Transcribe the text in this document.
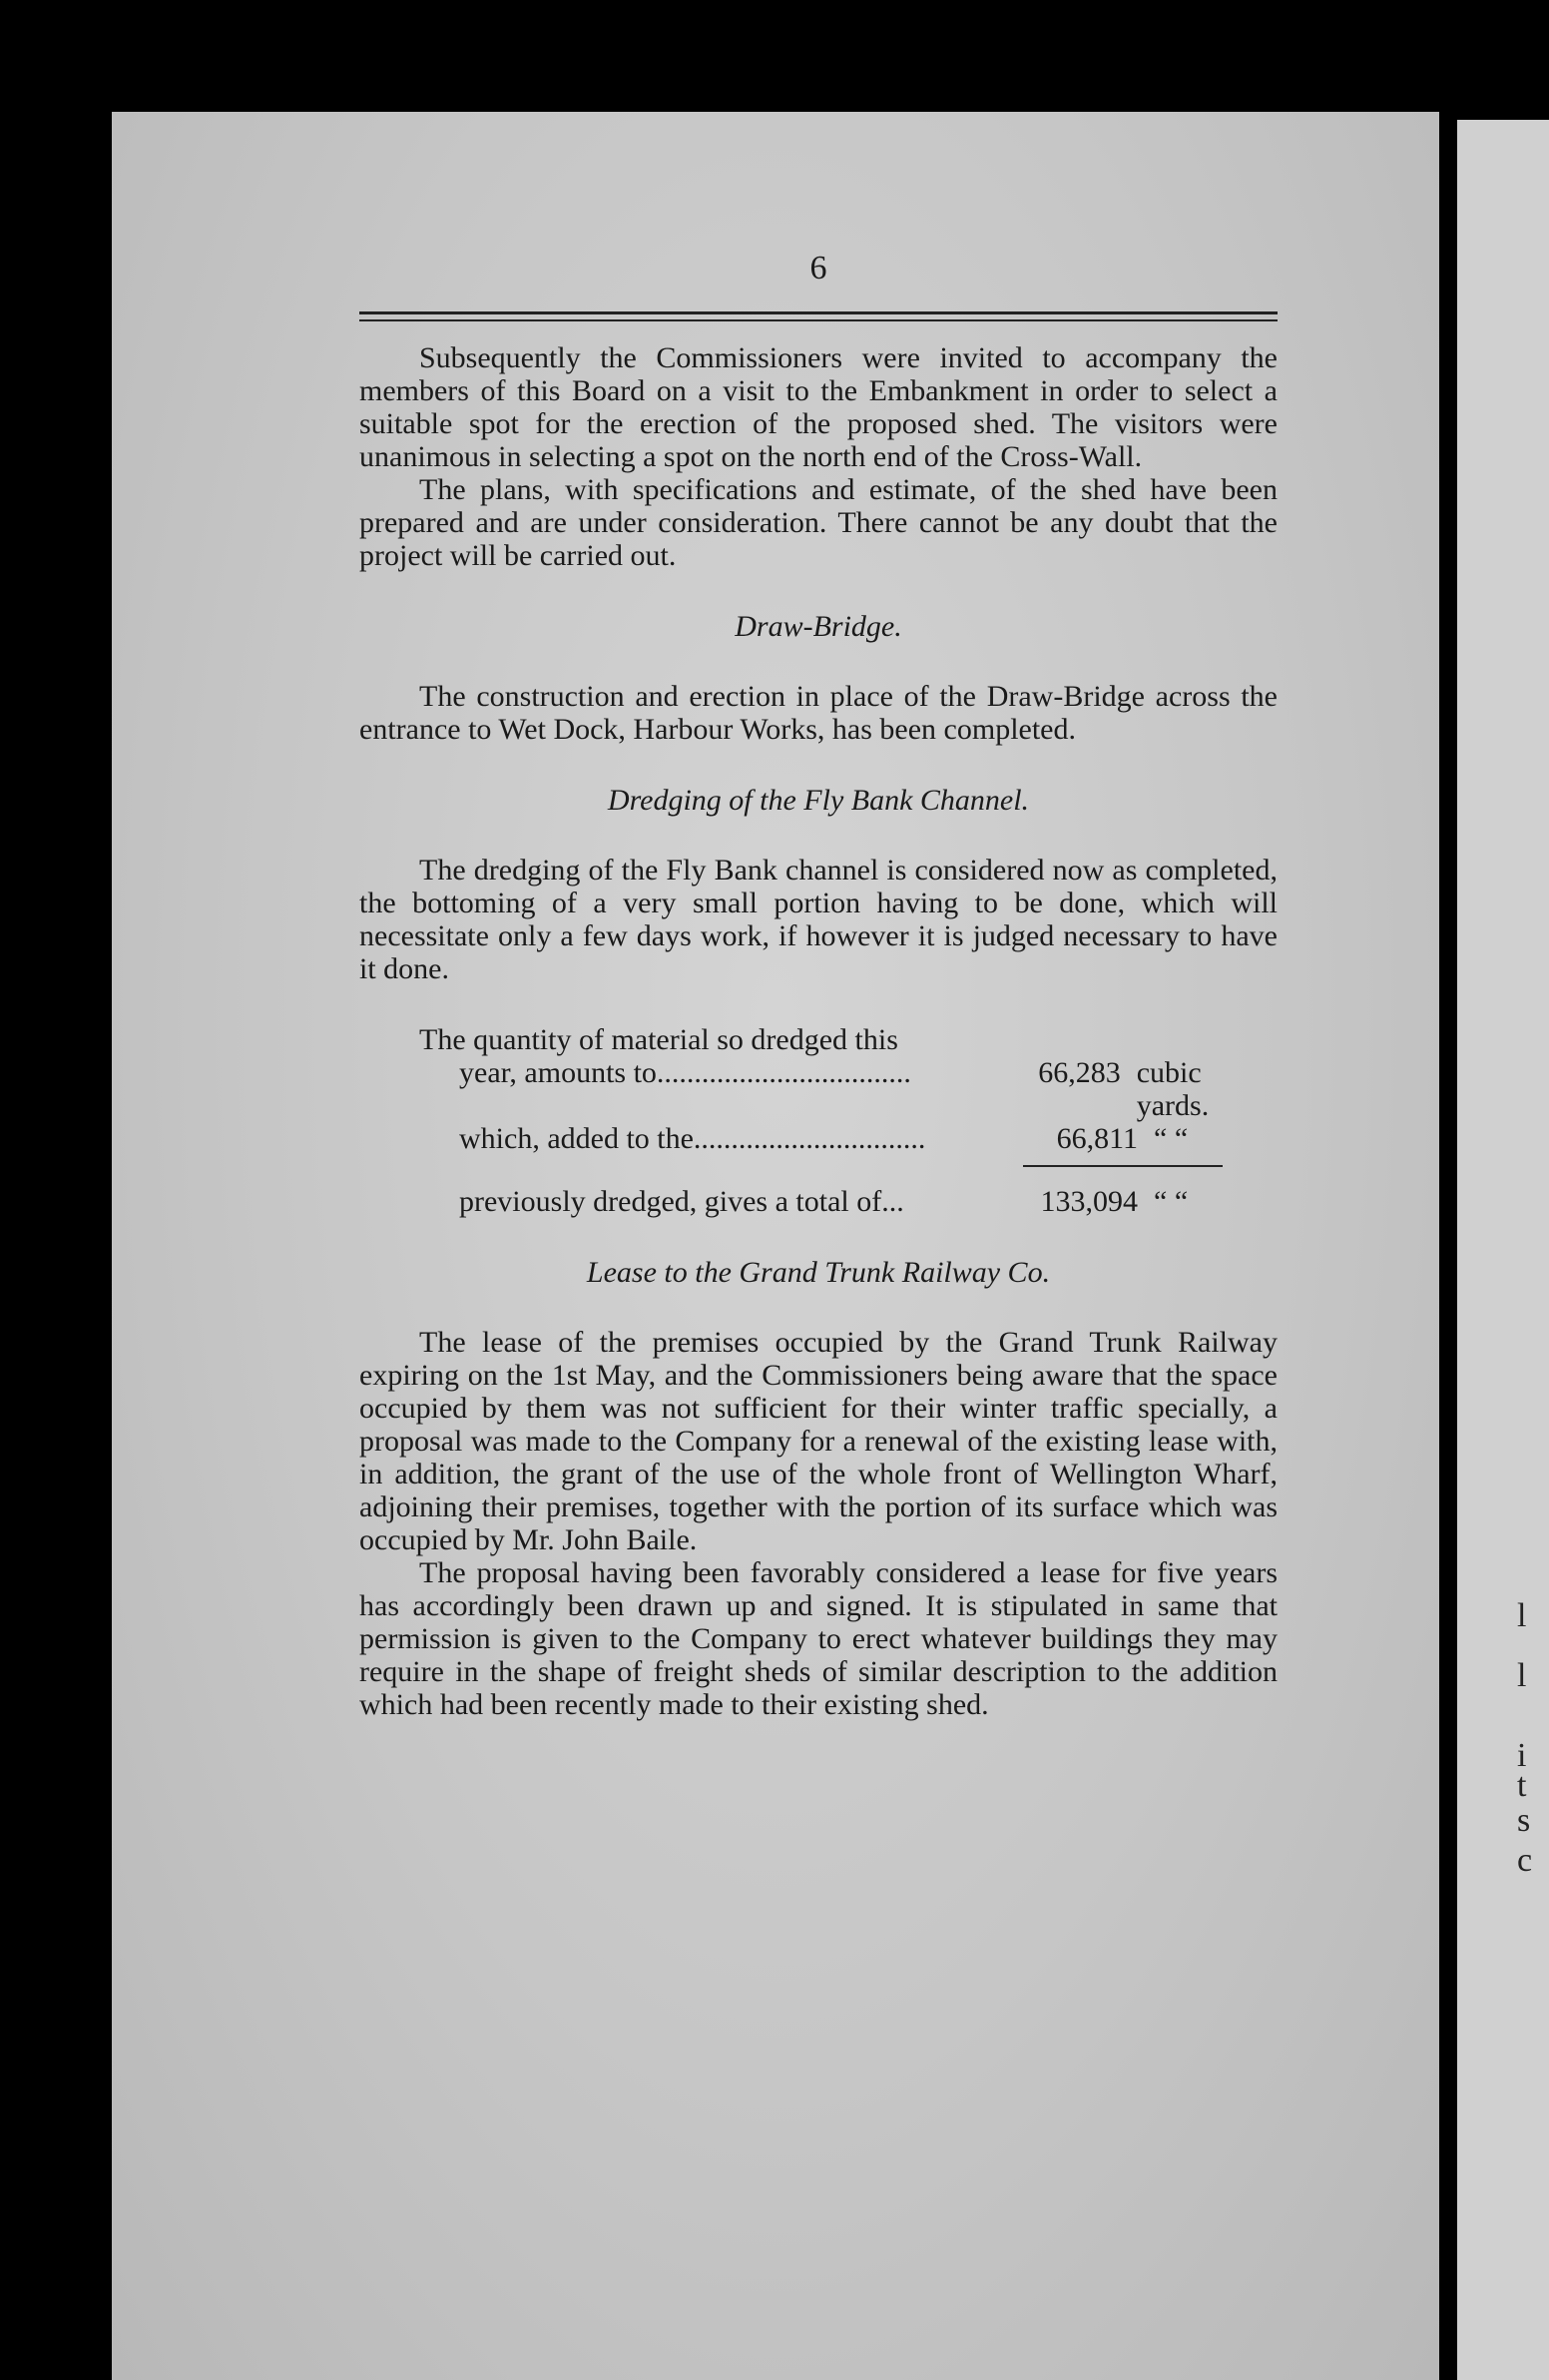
l
l
i
t
s
c
6

Subsequently the Commissioners were invited to accompany the members of this Board on a visit to the Embankment in order to select a suitable spot for the erection of the proposed shed. The visitors were unanimous in selecting a spot on the north end of the Cross-Wall.

The plans, with specifications and estimate, of the shed have been prepared and are under consideration. There cannot be any doubt that the project will be carried out.

Draw-Bridge.

The construction and erection in place of the Draw-Bridge across the entrance to Wet Dock, Harbour Works, has been completed.

Dredging of the Fly Bank Channel.

The dredging of the Fly Bank channel is considered now as completed, the bottoming of a very small portion having to be done, which will necessitate only a few days work, if however it is judged necessary to have it done.

The quantity of material so dredged this
year, amounts to..................................	66,283 cubic yards.
which, added to the...............................	66,811 “ “
previously dredged, gives a total of...	133,094 “ “
Lease to the Grand Trunk Railway Co.

The lease of the premises occupied by the Grand Trunk Railway expiring on the 1st May, and the Commissioners being aware that the space occupied by them was not sufficient for their winter traffic specially, a proposal was made to the Company for a renewal of the existing lease with, in addition, the grant of the use of the whole front of Wellington Wharf, adjoining their premises, together with the portion of its surface which was occupied by Mr. John Baile.

The proposal having been favorably considered a lease for five years has accordingly been drawn up and signed. It is stipulated in same that permission is given to the Company to erect whatever buildings they may require in the shape of freight sheds of similar description to the addition which had been recently made to their existing shed.
